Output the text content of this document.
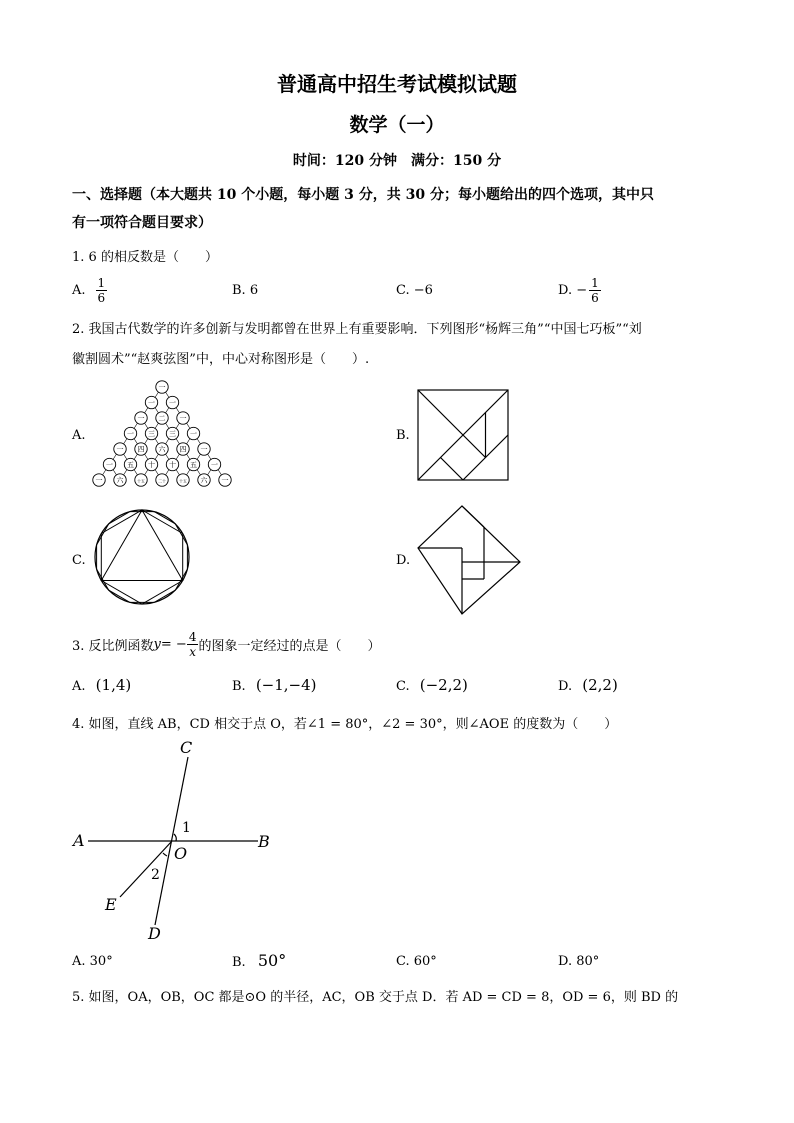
普通高中招生考试模拟试题
数学（一）
时间：120 分钟　满分：150 分
一、选择题（本大题共 10 个小题，每小题 3 分，共 30 分；每小题给出的四个选项，其中只
有一项符合题目要求）
1. 6 的相反数是（　　）
A. $\frac{1}{6}$	B. 6	C. −6	D. − $\frac{1}{6}$
2. 我国古代数学的许多创新与发明都曾在世界上有重要影响．下列图形“杨辉三角”“中国七巧板”“刘
徽割圆术”“赵爽弦图”中，中心对称图形是（　　）.
A.
一
一 一
一 二 一
一 三 三 一
一 四 六 四 一
一 五 十 十 五 一
一 六	十五	二十	十五 六 一
B.
C.	D.
3. 反比例函数 y = − $\frac{4}{x}$ 的图象一定经过的点是（　　）
A. (1,4)	B. (−1,−4)	C. (−2,2)	D. (2,2)
4. 如图，直线 AB，CD 相交于点 O，若∠1 = 80°，∠2 = 30°，则∠AOE 的度数为（　　）
C
A	B
O
E
D
1
2
A. 30°	B. 50°	C. 60°	D. 80°
5. 如图，OA，OB，OC 都是⊙O 的半径，AC，OB 交于点 D．若 AD = CD = 8，OD = 6，则 BD 的
